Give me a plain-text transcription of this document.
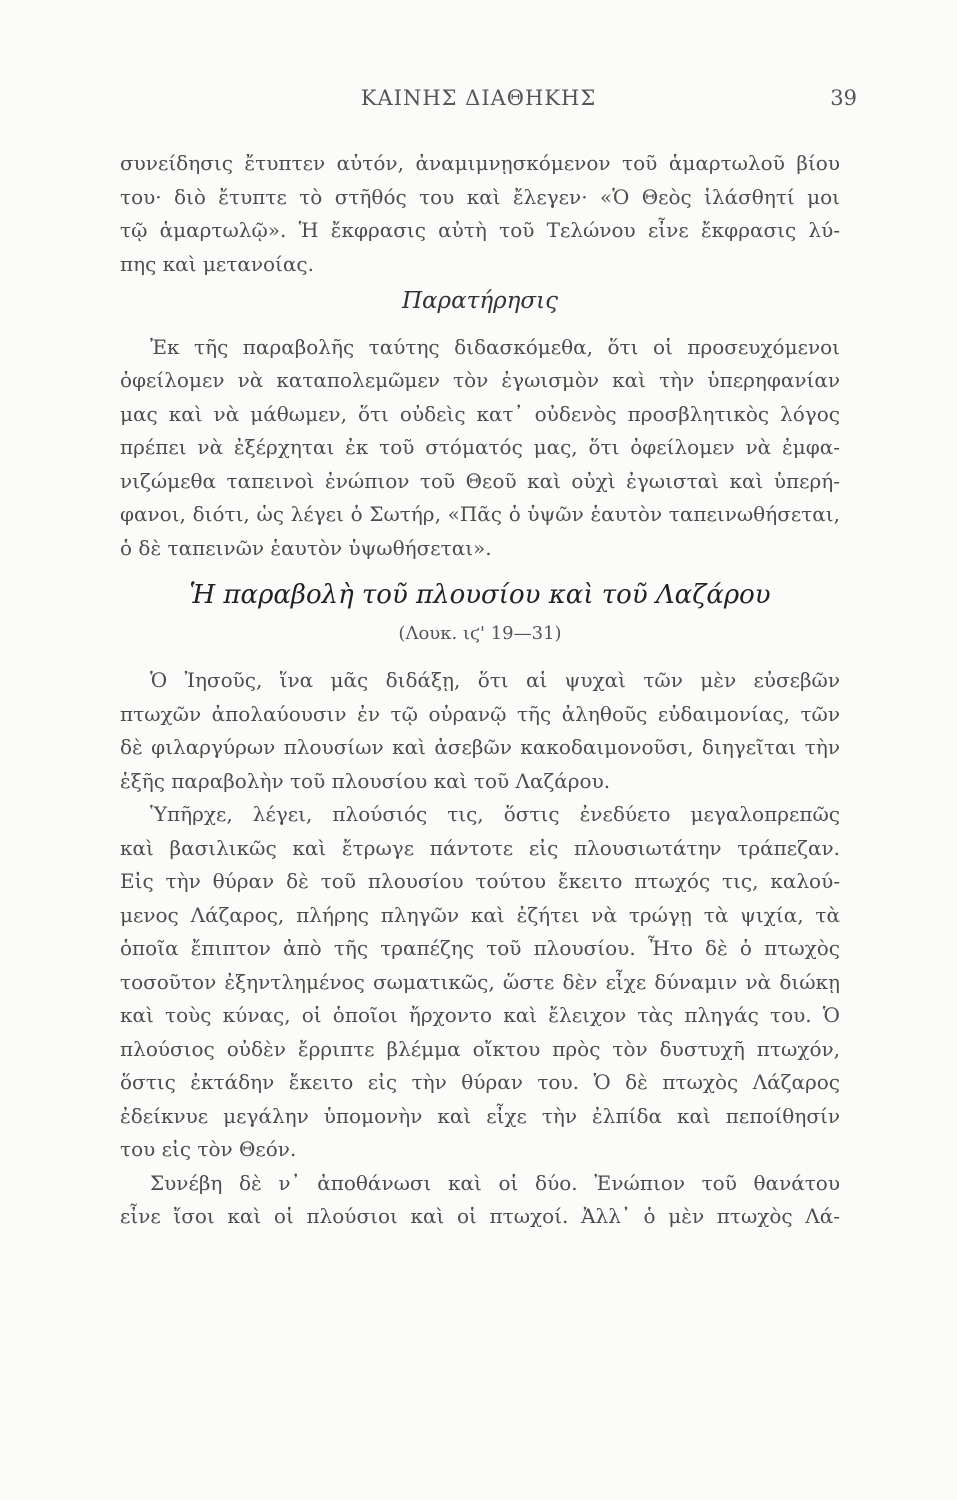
ΚΑΙΝΗΣ ΔΙΑΘΗΚΗΣ	39
συνείδησις ἔτυπτεν αὐτόν, ἀναμιμνῃσκόμενον τοῦ ἁμαρτωλοῦ βίου
του· διὸ ἔτυπτε τὸ στῆθός του καὶ ἔλεγεν· «Ὁ Θεὸς ἱλάσθητί μοι
τῷ ἁμαρτωλῷ». Ἡ ἔκφρασις αὐτὴ τοῦ Τελώνου εἶνε ἔκφρασις λύ-
πης καὶ μετανοίας.
Παρατήρησις
Ἐκ τῆς παραβολῆς ταύτης διδασκόμεθα, ὅτι οἱ προσευχόμενοι
ὀφείλομεν νὰ καταπολεμῶμεν τὸν ἐγωισμὸν καὶ τὴν ὑπερηφανίαν
μας καὶ νὰ μάθωμεν, ὅτι οὐδεὶς κατ᾽ οὐδενὸς προσβλητικὸς λόγος
πρέπει νὰ ἐξέρχηται ἐκ τοῦ στόματός μας, ὅτι ὀφείλομεν νὰ ἐμφα-
νιζώμεθα ταπεινοὶ ἐνώπιον τοῦ Θεοῦ καὶ οὐχὶ ἐγωισταὶ καὶ ὑπερή-
φανοι, διότι, ὡς λέγει ὁ Σωτήρ, «Πᾶς ὁ ὑψῶν ἑαυτὸν ταπεινωθήσεται,
ὁ δὲ ταπεινῶν ἑαυτὸν ὑψωθήσεται».
Ἡ παραβολὴ τοῦ πλουσίου καὶ τοῦ Λαζάρου
(Λουκ. ιϛ' 19—31)
Ὁ Ἰησοῦς, ἵνα μᾶς διδάξῃ, ὅτι αἱ ψυχαὶ τῶν μὲν εὐσεβῶν
πτωχῶν ἀπολαύουσιν ἐν τῷ οὐρανῷ τῆς ἀληθοῦς εὐδαιμονίας, τῶν
δὲ φιλαργύρων πλουσίων καὶ ἀσεβῶν κακοδαιμονοῦσι, διηγεῖται τὴν
ἑξῆς παραβολὴν τοῦ πλουσίου καὶ τοῦ Λαζάρου.
Ὑπῆρχε, λέγει, πλούσιός τις, ὅστις ἐνεδύετο μεγαλοπρεπῶς
καὶ βασιλικῶς καὶ ἔτρωγε πάντοτε εἰς πλουσιωτάτην τράπεζαν.
Εἰς τὴν θύραν δὲ τοῦ πλουσίου τούτου ἔκειτο πτωχός τις, καλού-
μενος Λάζαρος, πλήρης πληγῶν καὶ ἐζήτει νὰ τρώγῃ τὰ ψιχία, τὰ
ὁποῖα ἔπιπτον ἀπὸ τῆς τραπέζης τοῦ πλουσίου. Ἦτο δὲ ὁ πτωχὸς
τοσοῦτον ἐξηντλημένος σωματικῶς, ὥστε δὲν εἶχε δύναμιν νὰ διώκῃ
καὶ τοὺς κύνας, οἱ ὁποῖοι ἤρχοντο καὶ ἔλειχον τὰς πληγάς του. Ὁ
πλούσιος οὐδὲν ἔρριπτε βλέμμα οἴκτου πρὸς τὸν δυστυχῆ πτωχόν,
ὅστις ἐκτάδην ἔκειτο εἰς τὴν θύραν του. Ὁ δὲ πτωχὸς Λάζαρος
ἐδείκνυε μεγάλην ὑπομονὴν καὶ εἶχε τὴν ἐλπίδα καὶ πεποίθησίν
του εἰς τὸν Θεόν.
Συνέβη δὲ ν᾽ ἀποθάνωσι καὶ οἱ δύο. Ἐνώπιον τοῦ θανάτου
εἶνε ἴσοι καὶ οἱ πλούσιοι καὶ οἱ πτωχοί. Ἀλλ᾽ ὁ μὲν πτωχὸς Λά-
